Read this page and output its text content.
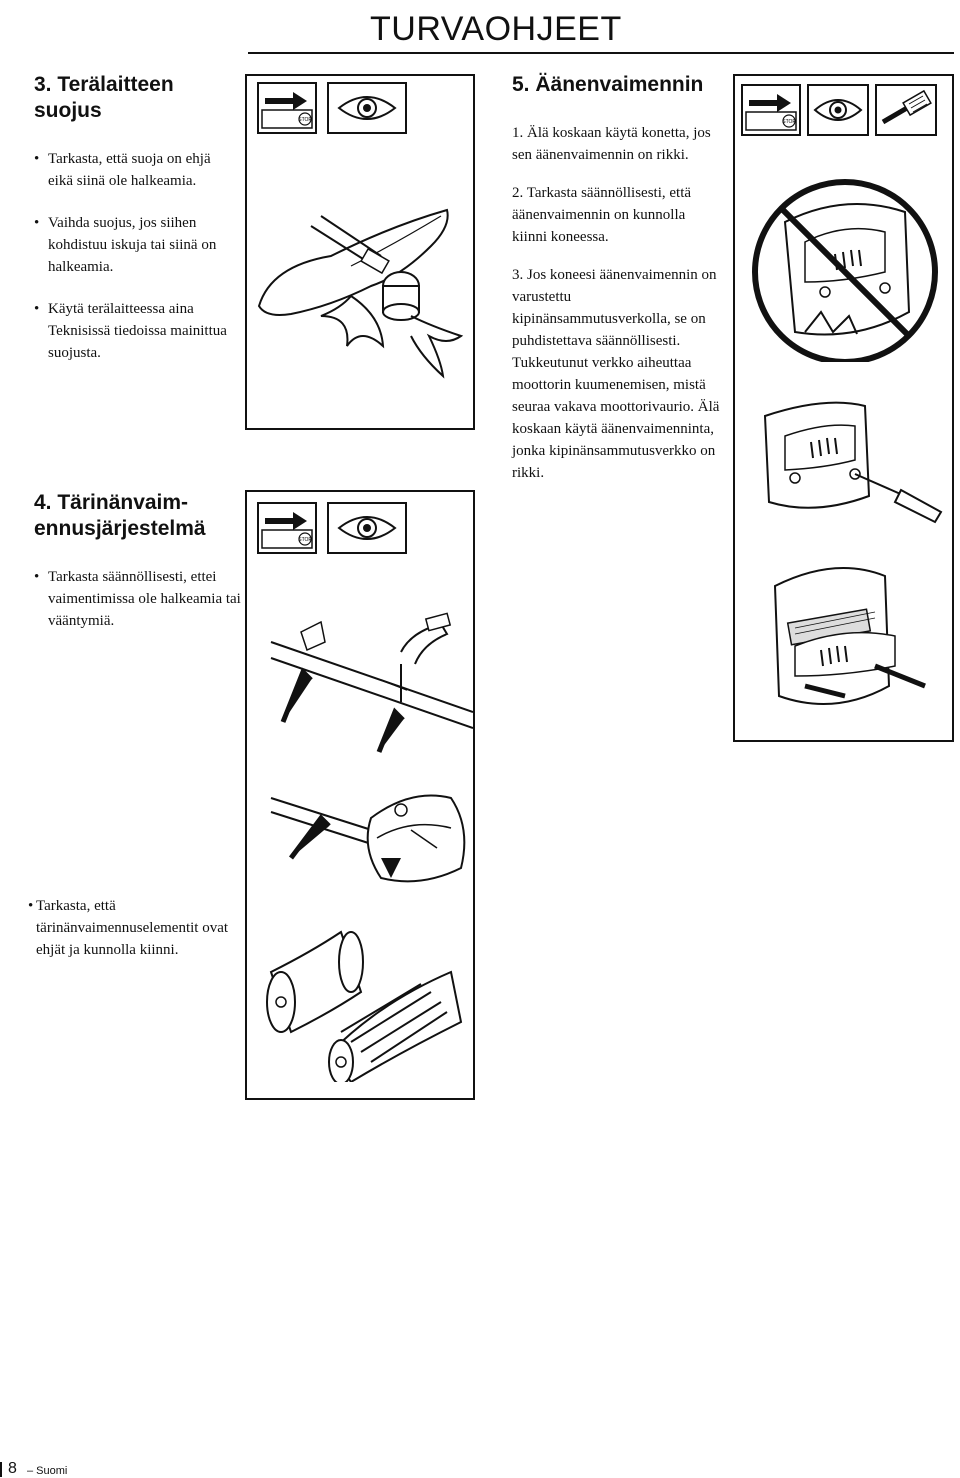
TURVAOHJEET
3. Terälaitteen suojus
• Tarkasta, että suoja on ehjä eikä siinä ole halkeamia.
• Vaihda suojus, jos siihen kohdistuu iskuja tai siinä on halkeamia.
• Käytä terälaitteessa aina Teknisissä tiedoissa mainittua suojusta.
4. Tärinänvaim-
ennusjärjestelmä
• Tarkasta säännöllisesti, ettei vaimentimissa ole halkeamia tai vääntymiä.
• Tarkasta, että tärinänvaimennuselementit ovat ehjät ja kunnolla kiinni.
5. Äänenvaimennin
1. Älä koskaan käytä konetta, jos sen äänenvaimennin on rikki.
2. Tarkasta säännöllisesti, että äänenvaimennin on kunnolla kiinni koneessa.
3. Jos koneesi äänenvaimennin on varustettu kipinänsammutusverkolla, se on puhdistettava säännöllisesti. Tukkeutunut verkko aiheuttaa moottorin kuumenemisen, mistä seuraa vakava moottorivaurio. Älä koskaan käytä äänenvaimenninta, jonka kipinänsammutusverkko on rikki.
STOP
STOP
STOP
8 – Suomi
